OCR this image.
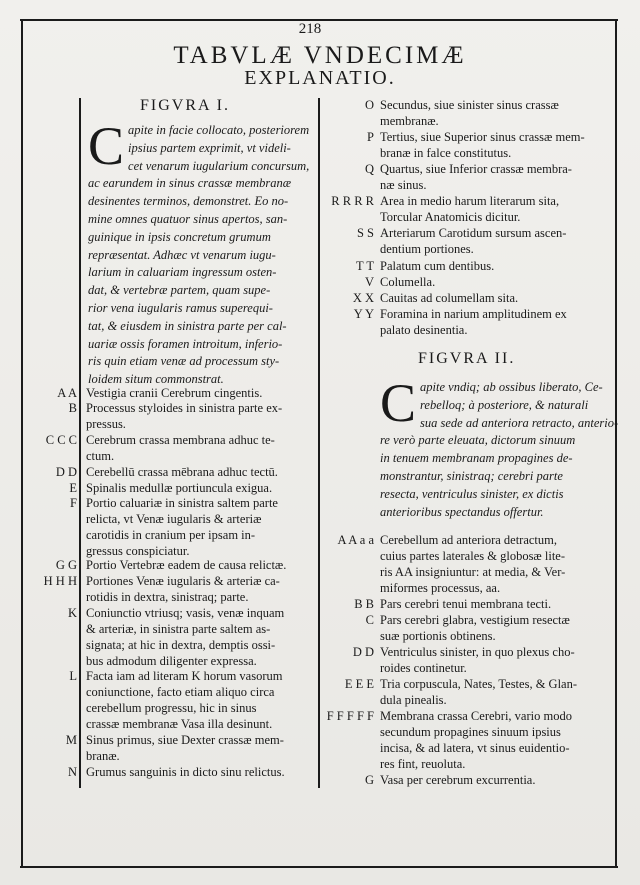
218
TABVLÆ VNDECIMÆ
EXPLANATIO.
FIGVRA I.
C apite in facie collocato, posteriorem
ipsius partem exprimit, vt videli-
cet venarum iugularium concursum,
ac earundem in sinus crassæ membranæ
desinentes terminos, demonstret. Eo no-
mine omnes quatuor sinus apertos, san-
guinique in ipsis concretum grumum
repræsentat. Adhæc vt venarum iugu-
larium in caluariam ingressum osten-
dat, & vertebræ partem, quam supe-
rior vena iugularis ramus superequi-
tat, & eiusdem in sinistra parte per cal-
uariæ ossis foramen introitum, inferio-
ris quin etiam venæ ad processum sty-
loidem situm commonstrat.
FIGVRA II.
C apite vndiq; ab ossibus liberato, Ce-
rebelloq; à posteriore, & naturali
sua sede ad anteriora retracto, anterio-
re verò parte eleuata, dictorum sinuum
in tenuem membranam propagines de-
monstrantur, sinistraq; cerebri parte
resecta, ventriculus sinister, ex dictis
anterioribus spectandus offertur.
A A Vestigia cranii Cerebrum cingentis.
B Processus styloides in sinistra parte ex-
pressus.
C C C Cerebrum crassa membrana adhuc te-
ctum.
D D Cerebellū crassa mēbrana adhuc tectū.
E Spinalis medullæ portiuncula exigua.
F Portio caluariæ in sinistra saltem parte
relicta, vt Venæ iugularis & arteriæ
carotidis in cranium per ipsam in-
gressus conspiciatur.
G G Portio Vertebræ eadem de causa relictæ.
H H H Portiones Venæ iugularis & arteriæ ca-
rotidis in dextra, sinistraq; parte.
K Coniunctio vtriusq; vasis, venæ inquam
& arteriæ, in sinistra parte saltem as-
signata; at hic in dextra, demptis ossi-
bus admodum diligenter expressa.
L Facta iam ad literam K horum vasorum
coniunctione, facto etiam aliquo circa
cerebellum progressu, hic in sinus
crassæ membranæ Vasa illa desinunt.
M Sinus primus, siue Dexter crassæ mem-
branæ.
N Grumus sanguinis in dicto sinu relictus.
O Secundus, siue sinister sinus crassæ
membranæ.
P Tertius, siue Superior sinus crassæ mem-
branæ in falce constitutus.
Q Quartus, siue Inferior crassæ membra-
næ sinus.
R R R R Area in medio harum literarum sita,
Torcular Anatomicis dicitur.
S S Arteriarum Carotidum sursum ascen-
dentium portiones.
T T Palatum cum dentibus.
V Columella.
X X Cauitas ad columellam sita.
Y Y Foramina in narium amplitudinem ex
palato desinentia.
A A a a Cerebellum ad anteriora detractum,
cuius partes laterales & globosæ lite-
ris AA insigniuntur: at media, & Ver-
miformes processus, aa.
B B Pars cerebri tenui membrana tecti.
C Pars cerebri glabra, vestigium resectæ
suæ portionis obtinens.
D D Ventriculus sinister, in quo plexus cho-
roides continetur.
E E E Tria corpuscula, Nates, Testes, & Glan-
dula pinealis.
F F F F F Membrana crassa Cerebri, vario modo
secundum propagines sinuum ipsius
incisa, & ad latera, vt sinus euidentio-
res fint, reuoluta.
G Vasa per cerebrum excurrentia.
